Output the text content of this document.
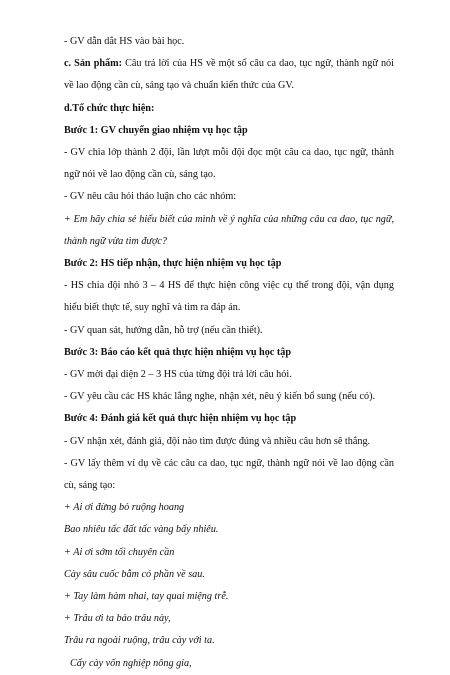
- GV dẫn dắt HS vào bài học.

c. Sản phẩm: Câu trả lời của HS về một số câu ca dao, tục ngữ, thành ngữ nói về lao động cần cù, sáng tạo và chuẩn kiến thức của GV.

d.Tổ chức thực hiện:

Bước 1: GV chuyển giao nhiệm vụ học tập

- GV chia lớp thành 2 đội, lần lượt mỗi đội đọc một câu ca dao, tục ngữ, thành ngữ nói về lao động cần cù, sáng tạo.

- GV nêu câu hỏi thảo luận cho các nhóm:

+ Em hãy chia sẻ hiểu biết của mình về ý nghĩa của những câu ca dao, tục ngữ, thành ngữ vừa tìm được?

Bước 2: HS tiếp nhận, thực hiện nhiệm vụ học tập

- HS chia đội nhỏ 3 – 4 HS để thực hiện công việc cụ thể trong đội, vận dụng hiểu biết thực tế, suy nghĩ và tìm ra đáp án.

- GV quan sát, hướng dẫn, hỗ trợ (nếu cần thiết).

Bước 3: Báo cáo kết quả thực hiện nhiệm vụ học tập

- GV mời đại diện 2 – 3 HS của từng đội trả lời câu hỏi.

- GV yêu cầu các HS khác lắng nghe, nhận xét, nêu ý kiến bổ sung (nếu có).

Bước 4: Đánh giá kết quả thực hiện nhiệm vụ học tập

- GV nhận xét, đánh giá, đội nào tìm được đúng và nhiều câu hơn sẽ thắng.

- GV lấy thêm ví dụ về các câu ca dao, tục ngữ, thành ngữ nói về lao động cần cù, sáng tạo:

+ Ai ơi đừng bỏ ruộng hoang

Bao nhiêu tấc đất tấc vàng bấy nhiêu.

+ Ai ơi sớm tối chuyên cần

Cày sâu cuốc bẫm có phần về sau.

+ Tay làm hàm nhai, tay quai miệng trễ.

+ Trâu ơi ta bảo trâu này,

Trâu ra ngoài ruộng, trâu cày với ta.

Cấy cày vốn nghiệp nông gia,
